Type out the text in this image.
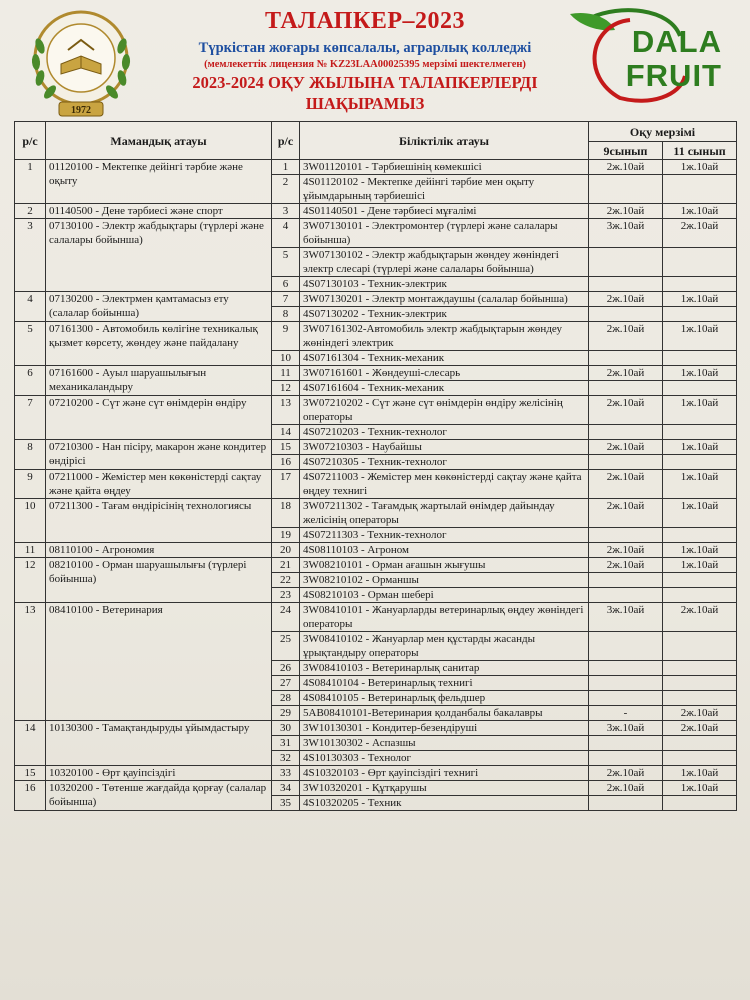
1972
ТАЛАПКЕР–2023
Түркістан жоғары көпсалалы, аграрлық колледжі
(мемлекеттік лицензия № KZ23LAA00025395 мерзімі шектелмеген)
2023-2024 ОҚУ ЖЫЛЫНА ТАЛАПКЕРЛЕРДІ
ШАҚЫРАМЫЗ
DALA
FRUIT
р/с	Мамандық атауы	р/с	Біліктілік атауы	Оқу мерзімі	
				9сынып	11 сынып
1	01120100 - Мектепке дейінгі тәрбие және оқыту	1	3W01120101 - Тәрбиешінің көмекшісі	2ж.10ай	1ж.10ай
		2	4S01120102 - Мектепке дейінгі тәрбие мен оқыту ұйымдарының тәрбиешісі		
2	01140500 - Дене тәрбиесі және спорт	3	4S01140501 - Дене тәрбиесі мұғалімі	2ж.10ай	1ж.10ай
3	07130100 - Электр жабдықтары (түрлері және салалары бойынша)	4	3W07130101 - Электромонтер (түрлері және салалары бойынша)	3ж.10ай	2ж.10ай
		5	3W07130102 - Электр жабдықтарын жөндеу жөніндегі электр слесарі (түрлері және салалары бойынша)		
		6	4S07130103 - Техник-электрик		
4	07130200 - Электрмен қамтамасыз ету (салалар бойынша)	7	3W07130201 - Электр монтаждаушы (салалар бойынша)	2ж.10ай	1ж.10ай
		8	4S07130202 - Техник-электрик		
5	07161300 - Автомобиль көлігіне техникалық қызмет көрсету, жөндеу және пайдалану	9	3W07161302-Автомобиль электр жабдықтарын жөндеу жөніндегі электрик	2ж.10ай	1ж.10ай
		10	4S07161304 - Техник-механик		
6	07161600 - Ауыл шаруашылығын механикаландыру	11	3W07161601 - Жөндеуші-слесарь	2ж.10ай	1ж.10ай
		12	4S07161604 - Техник-механик		
7	07210200 - Сүт және сүт өнімдерін өндіру	13	3W07210202 - Сүт және сүт өнімдерін өндіру желісінің операторы	2ж.10ай	1ж.10ай
		14	4S07210203 - Техник-технолог		
8	07210300 - Нан пісіру, макарон және кондитер өндірісі	15	3W07210303 - Наубайшы	2ж.10ай	1ж.10ай
		16	4S07210305 - Техник-технолог		
9	07211000 - Жемістер мен көкөністерді сақтау және қайта өңдеу	17	4S07211003 - Жемістер мен көкөністерді сақтау және қайта өңдеу технигі	2ж.10ай	1ж.10ай
10	07211300 - Тағам өндірісінің технологиясы	18	3W07211302 - Тағамдық жартылай өнімдер дайындау желісінің операторы	2ж.10ай	1ж.10ай
		19	4S07211303 - Техник-технолог		
11	08110100 - Агрономия	20	4S08110103 - Агроном	2ж.10ай	1ж.10ай
12	08210100 - Орман шаруашылығы (түрлері бойынша)	21	3W08210101 - Орман ағашын жығушы	2ж.10ай	1ж.10ай
		22	3W08210102 - Орманшы		
		23	4S08210103 - Орман шебері		
13	08410100 - Ветеринария	24	3W08410101 - Жануарларды ветеринарлық өңдеу жөніндегі операторы	3ж.10ай	2ж.10ай
		25	3W08410102 - Жануарлар мен құстарды жасанды ұрықтандыру операторы		
		26	3W08410103 - Ветеринарлық санитар		
		27	4S08410104 - Ветеринарлық технигі		
		28	4S08410105 - Ветеринарлық фельдшер		
		29	5AB08410101-Ветеринария қолданбалы бакалавры	-	2ж.10ай
14	10130300 - Тамақтандыруды ұйымдастыру	30	3W10130301 - Кондитер-безендіруші	3ж.10ай	2ж.10ай
		31	3W10130302 - Аспазшы		
		32	4S10130303 - Технолог		
15	10320100 - Өрт қауіпсіздігі	33	4S10320103 - Өрт қауіпсіздігі технигі	2ж.10ай	1ж.10ай
16	10320200 - Төтенше жағдайда қорғау (салалар бойынша)	34	3W10320201 - Құтқарушы	2ж.10ай	1ж.10ай
		35	4S10320205 - Техник		
